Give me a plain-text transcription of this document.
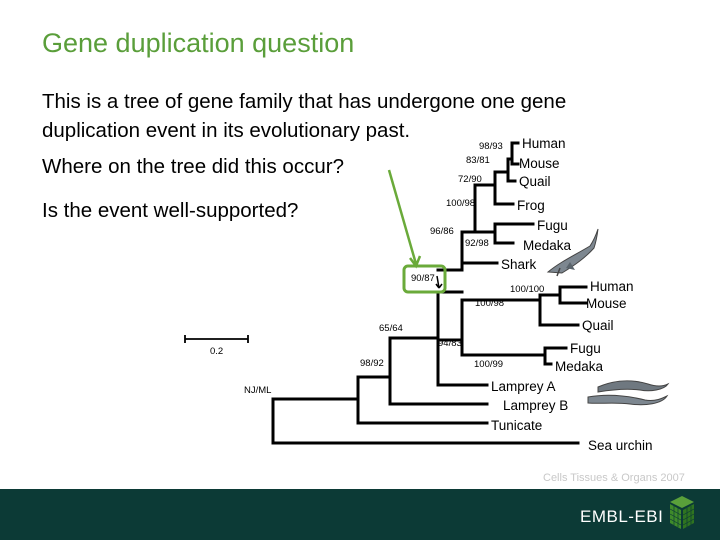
Gene duplication question
This is a tree of gene family that has undergone one gene
duplication event in its evolutionary past.
Where on the tree did this occur?
Is the event well-supported?
Human
Mouse
Quail
Frog
Fugu
Medaka
Shark
Human
Mouse
Quail
Fugu
Medaka
Lamprey A
Lamprey B
Tunicate
Sea urchin
98/93
83/81
72/90
100/98
96/86
92/98
90/87
100/100
100/98
65/64
94/83
100/99
98/92
NJ/ML
0.2
Cells Tissues & Organs 2007
EMBL-EBI
